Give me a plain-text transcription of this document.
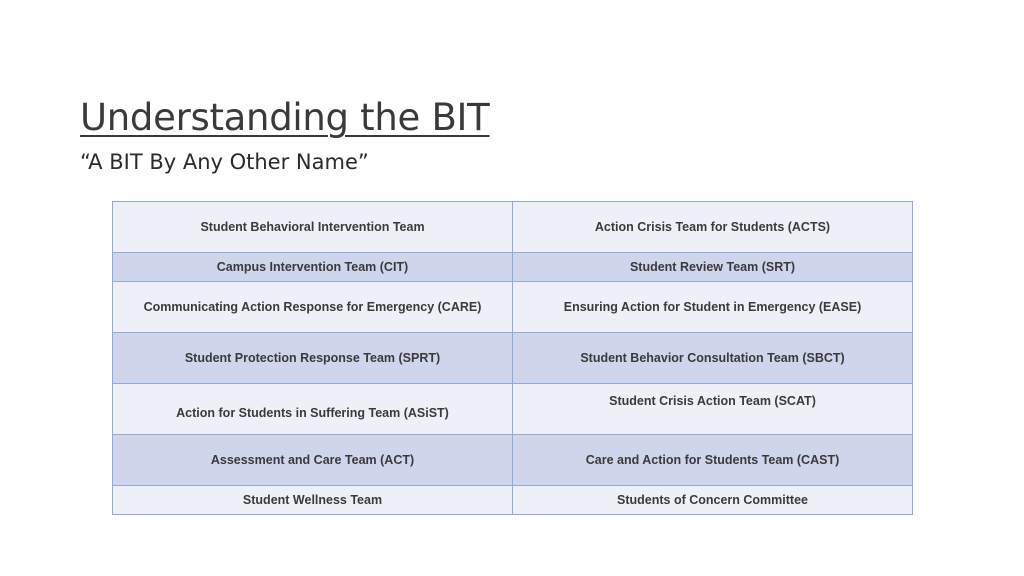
Understanding the BIT

“A BIT By Any Other Name”

Student Behavioral Intervention Team	Action Crisis Team for Students (ACTS)
Campus Intervention Team (CIT)	Student Review Team (SRT)
Communicating Action Response for Emergency (CARE)	Ensuring Action for Student in Emergency (EASE)
Student Protection Response Team (SPRT)	Student Behavior Consultation Team (SBCT)
Action for Students in Suffering Team (ASiST)	Student Crisis Action Team (SCAT)
Assessment and Care Team (ACT)	Care and Action for Students Team (CAST)
Student Wellness Team	Students of Concern Committee
